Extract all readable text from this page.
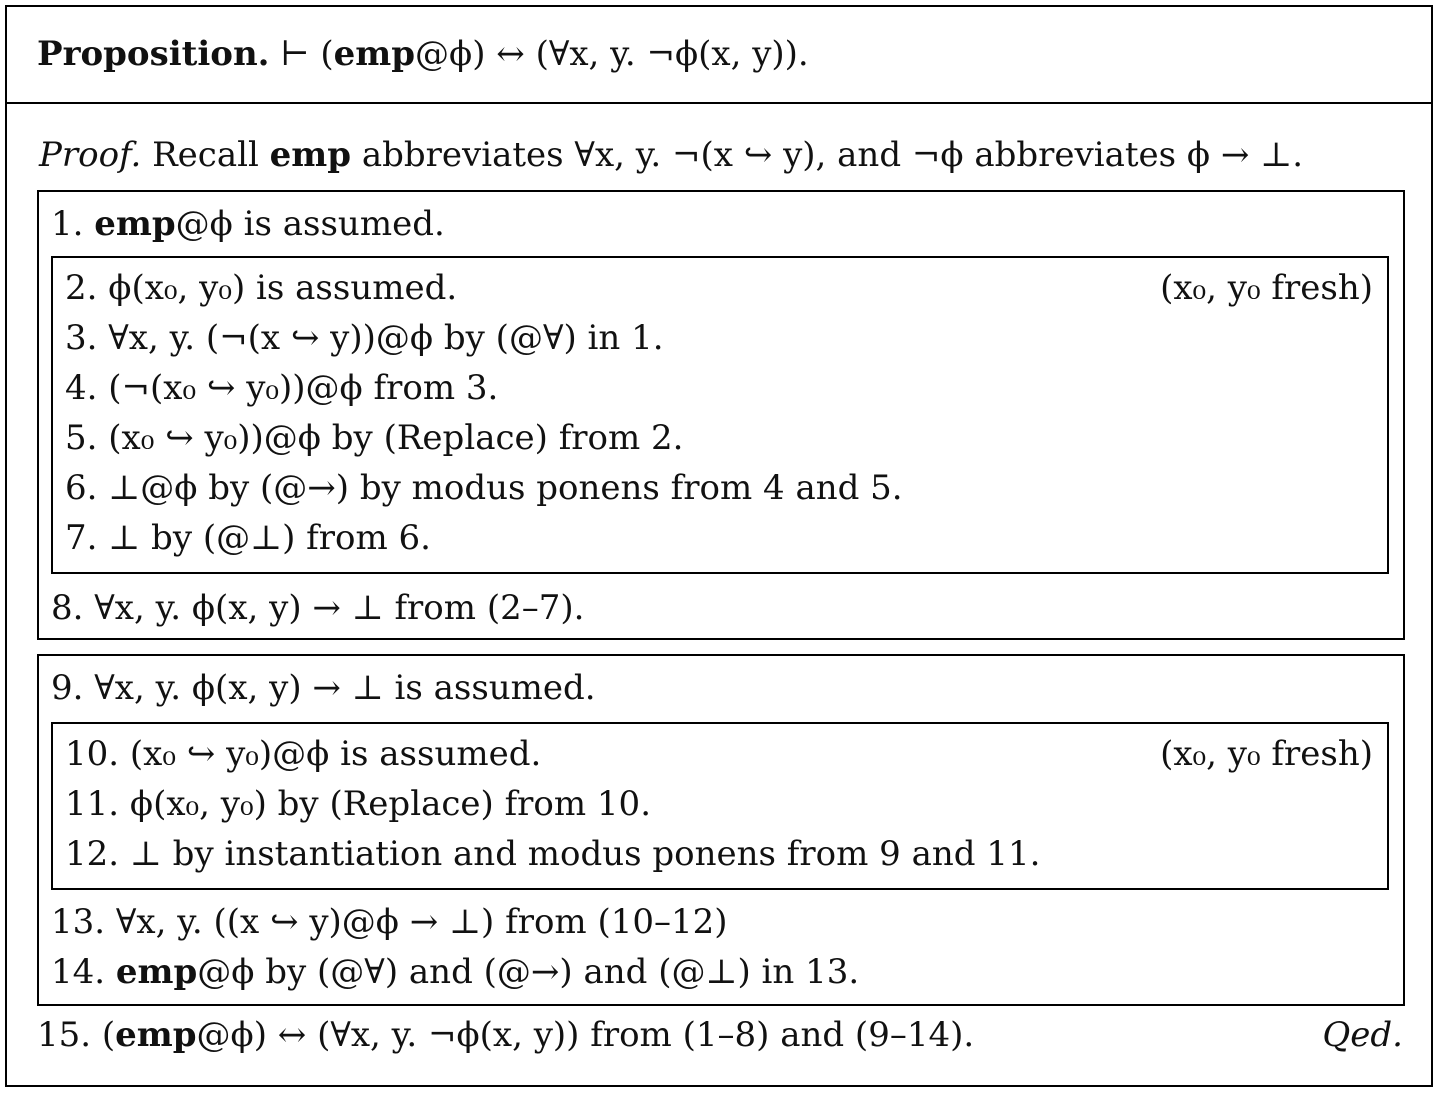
Proposition. ⊢ (emp@ϕ) ↔ (∀x, y. ¬ϕ(x, y)).
Proof. Recall emp abbreviates ∀x, y. ¬(x ↪ y), and ¬ϕ abbreviates ϕ → ⊥.
1. emp@ϕ is assumed.
2. ϕ(x₀, y₀) is assumed.	(x₀, y₀ fresh)
3. ∀x, y. (¬(x ↪ y))@ϕ by (@∀) in 1.
4. (¬(x₀ ↪ y₀))@ϕ from 3.
5. (x₀ ↪ y₀))@ϕ by (Replace) from 2.
6. ⊥@ϕ by (@→) by modus ponens from 4 and 5.
7. ⊥ by (@⊥) from 6.
8. ∀x, y. ϕ(x, y) → ⊥ from (2–7).
9. ∀x, y. ϕ(x, y) → ⊥ is assumed.
10. (x₀ ↪ y₀)@ϕ is assumed.	(x₀, y₀ fresh)
11. ϕ(x₀, y₀) by (Replace) from 10.
12. ⊥ by instantiation and modus ponens from 9 and 11.
13. ∀x, y. ((x ↪ y)@ϕ → ⊥) from (10–12)
14. emp@ϕ by (@∀) and (@→) and (@⊥) in 13.
15. (emp@ϕ) ↔ (∀x, y. ¬ϕ(x, y)) from (1–8) and (9–14).	Qed.
